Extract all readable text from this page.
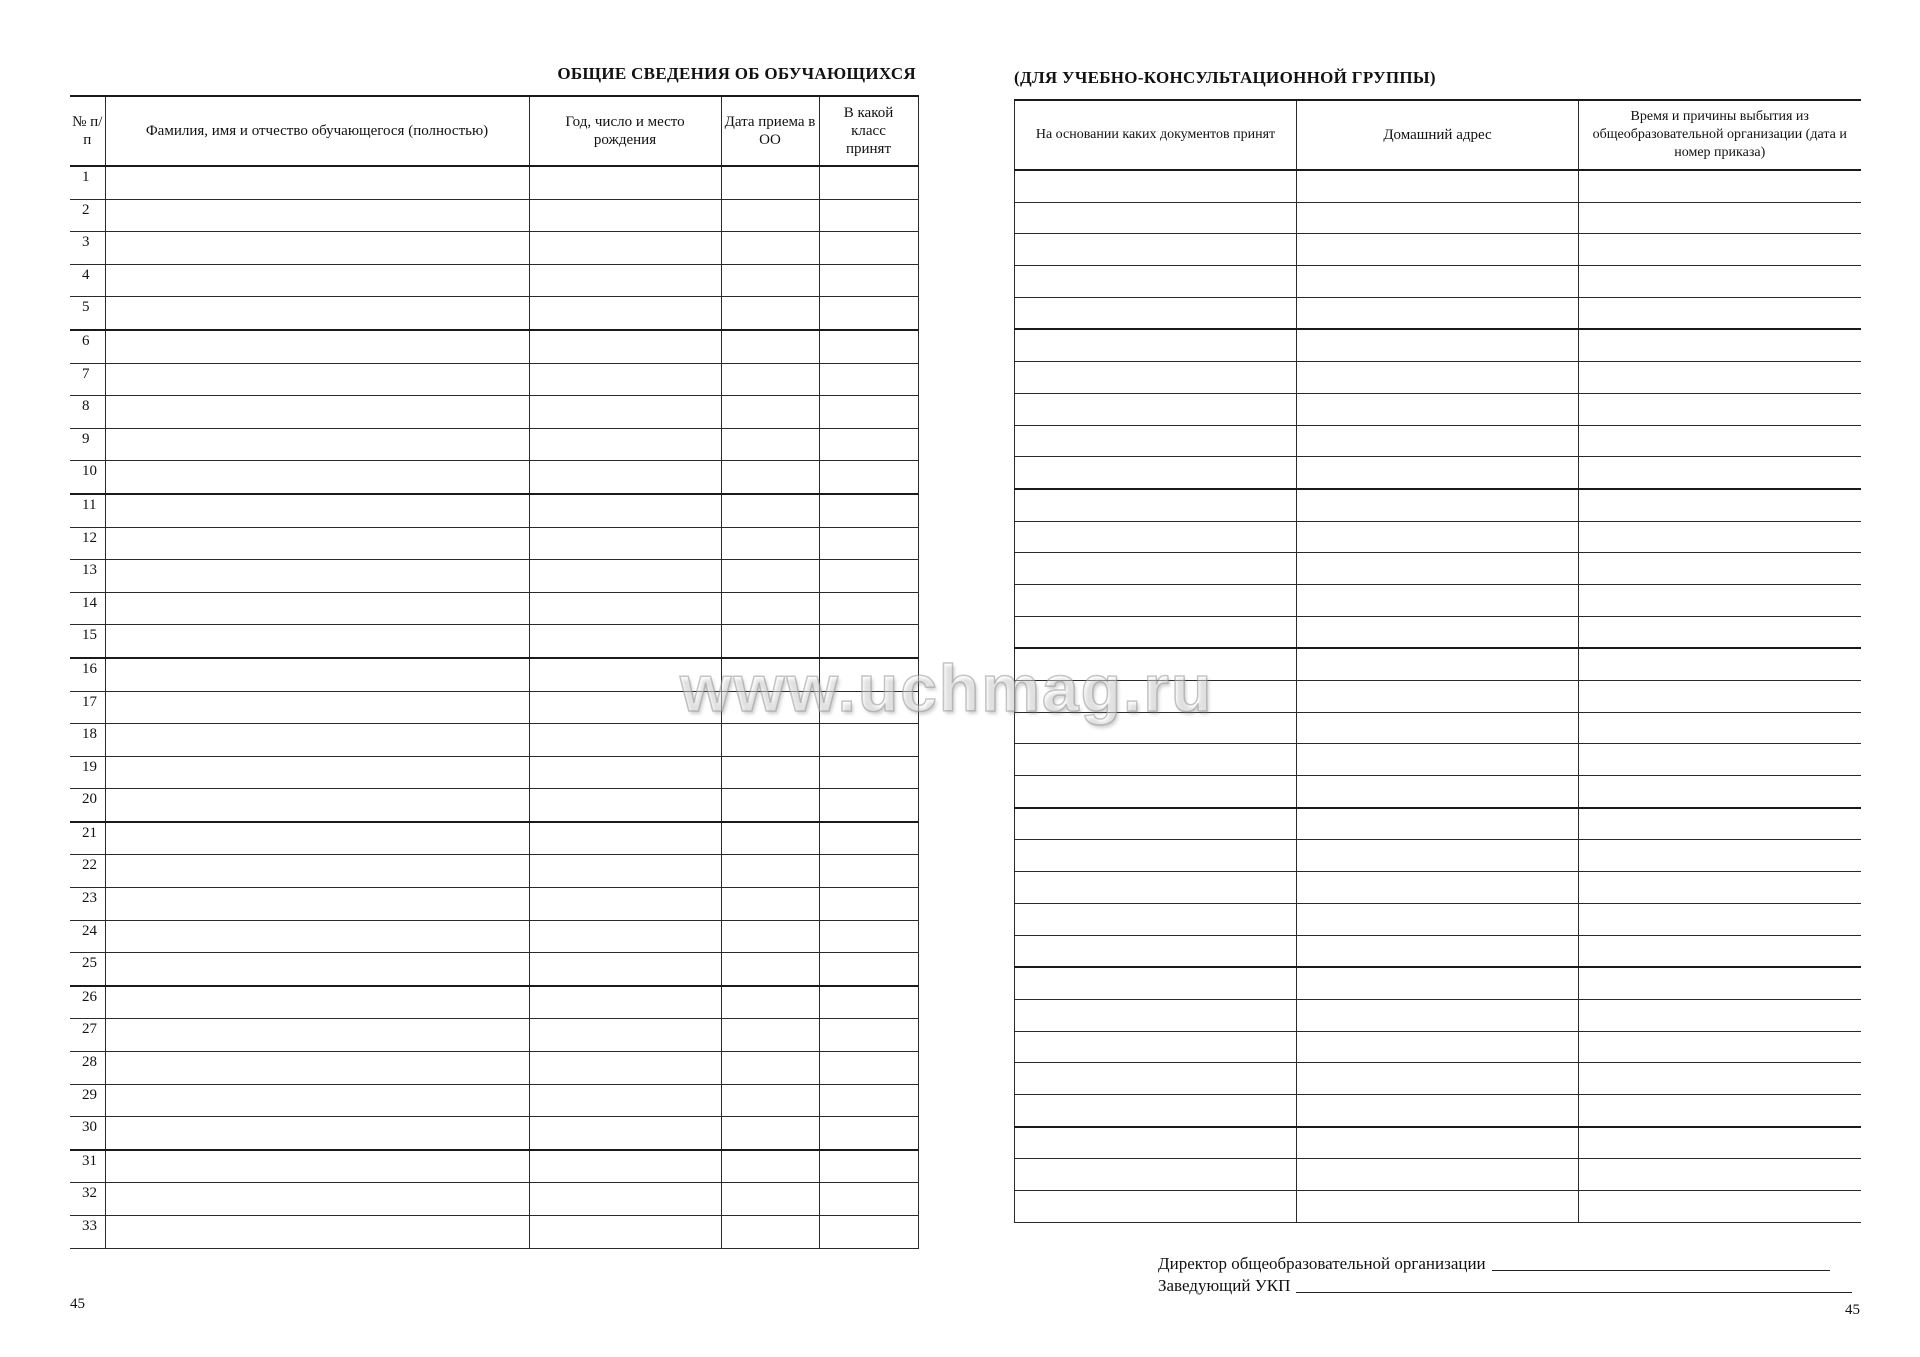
ОБЩИЕ СВЕДЕНИЯ ОБ ОБУЧАЮЩИХСЯ
№ п/п	Фамилия, имя и отчество обучающегося (полностью)	Год, число и место рождения	Дата приема в ОО	В какой класс принят
1				
2				
3				
4				
5				
6				
7				
8				
9				
10				
11				
12				
13				
14				
15				
16				
17				
18				
19				
20				
21				
22				
23				
24				
25				
26				
27				
28				
29				
30				
31				
32				
33				
(ДЛЯ УЧЕБНО-КОНСУЛЬТАЦИОННОЙ ГРУППЫ)
На основании каких документов принят	Домашний адрес	Время и причины выбытия из общеобразовательной организации (дата и номер приказа)

www.uchmag.ru
Директор общеобразовательной организации
Заведующий УКП
45	45
